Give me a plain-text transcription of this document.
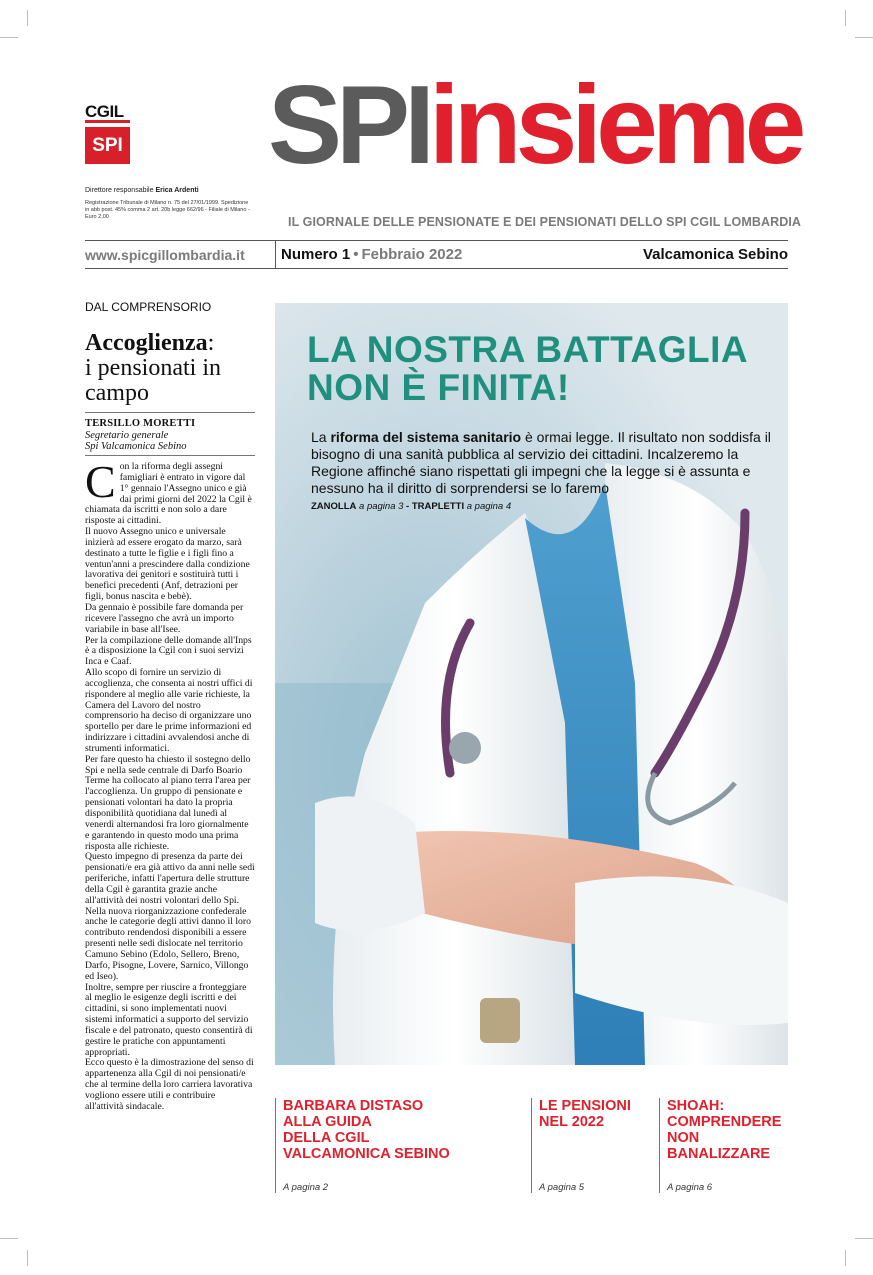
CGIL
SPI SPIinsieme
Direttore responsabile Erica Ardenti
Registrazione Tribunale di Milano n. 75 del 27/01/1999. Spedizione in abb post. 45% comma 2 art. 20b legge 662/96 - Filiale di Milano - Euro 2,00	IL GIORNALE DELLE PENSIONATE E DEI PENSIONATI DELLO SPI CGIL LOMBARDIA
www.spicgillombardia.it Numero 1 • Febbraio 2022	Valcamonica Sebino
DAL COMPRENSORIO
Accoglienza:
i pensionati in campo
TERSILLO MORETTI
Segretario generale
Spi Valcamonica Sebino
C on la riforma degli assegni famigliari è entrato in vigore dal 1° gennaio l'Assegno unico e già dai primi giorni del 2022 la Cgil è chiamata da iscritti e non solo a dare risposte ai cittadini.

Il nuovo Assegno unico e universale inizierà ad essere erogato da marzo, sarà destinato a tutte le figlie e i figli fino a ventun'anni a prescindere dalla condizione lavorativa dei genitori e sostituirà tutti i benefici precedenti (Anf, detrazioni per figli, bonus nascita e bebè).

Da gennaio è possibile fare domanda per ricevere l'assegno che avrà un importo variabile in base all'Isee.

Per la compilazione delle domande all'Inps è a disposizione la Cgil con i suoi servizi Inca e Caaf.

Allo scopo di fornire un servizio di accoglienza, che consenta ai nostri uffici di rispondere al meglio alle varie richieste, la Camera del Lavoro del nostro comprensorio ha deciso di organizzare uno sportello per dare le prime informazioni ed indirizzare i cittadini avvalendosi anche di strumenti informatici.

Per fare questo ha chiesto il sostegno dello Spi e nella sede centrale di Darfo Boario Terme ha collocato al piano terra l'area per l'accoglienza. Un gruppo di pensionate e pensionati volontari ha dato la propria disponibilità quotidiana dal lunedì al venerdì alternandosi fra loro giornalmente e garantendo in questo modo una prima risposta alle richieste.

Questo impegno di presenza da parte dei pensionati/e era già attivo da anni nelle sedi periferiche, infatti l'apertura delle strutture della Cgil è garantita grazie anche all'attività dei nostri volontari dello Spi.

Nella nuova riorganizzazione confederale anche le categorie degli attivi danno il loro contributo rendendosi disponibili a essere presenti nelle sedi dislocate nel territorio Camuno Sebino (Edolo, Sellero, Breno, Darfo, Pisogne, Lovere, Sarnico, Villongo ed Iseo).

Inoltre, sempre per riuscire a fronteggiare al meglio le esigenze degli iscritti e dei cittadini, si sono implementati nuovi sistemi informatici a supporto del servizio fiscale e del patronato, questo consentirà di gestire le pratiche con appuntamenti appropriati.

Ecco questo è la dimostrazione del senso di appartenenza alla Cgil di noi pensionati/e che al termine della loro carriera lavorativa vogliono essere utili e contribuire all'attività sindacale.

LA NOSTRA BATTAGLIA
NON È FINITA!
La riforma del sistema sanitario è ormai legge. Il risultato non soddisfa il bisogno di una sanità pubblica al servizio dei cittadini. Incalzeremo la Regione affinché siano rispettati gli impegni che la legge si è assunta e nessuno ha il diritto di sorprendersi se lo faremo
ZANOLLA a pagina 3 - TRAPLETTI a pagina 4
BARBARA DISTASO
ALLA GUIDA
DELLA CGIL
VALCAMONICA SEBINO
A pagina 2
LE PENSIONI
NEL 2022
A pagina 5
SHOAH:
COMPRENDERE
NON
BANALIZZARE
A pagina 6
